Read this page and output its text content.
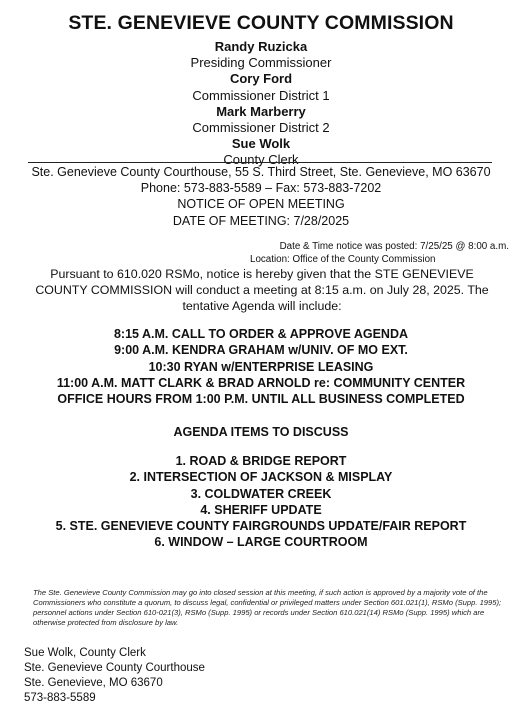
STE. GENEVIEVE COUNTY COMMISSION
Randy Ruzicka
Presiding Commissioner
Cory Ford
Commissioner District 1
Mark Marberry
Commissioner District 2
Sue Wolk
County Clerk
Ste. Genevieve County Courthouse, 55 S. Third Street, Ste. Genevieve, MO 63670
Phone: 573-883-5589 – Fax: 573-883-7202
NOTICE OF OPEN MEETING
DATE OF MEETING: 7/28/2025
Date & Time notice was posted: 7/25/25 @ 8:00 a.m.
Location: Office of the County Commission
Pursuant to 610.020 RSMo, notice is hereby given that the STE GENEVIEVE COUNTY COMMISSION will conduct a meeting at 8:15 a.m. on July 28, 2025. The tentative Agenda will include:
8:15 A.M. CALL TO ORDER & APPROVE AGENDA
9:00 A.M. KENDRA GRAHAM w/UNIV. OF MO EXT.
10:30 RYAN w/ENTERPRISE LEASING
11:00 A.M. MATT CLARK & BRAD ARNOLD re: COMMUNITY CENTER
OFFICE HOURS FROM 1:00 P.M. UNTIL ALL BUSINESS COMPLETED
AGENDA ITEMS TO DISCUSS
1. ROAD & BRIDGE REPORT
2. INTERSECTION OF JACKSON & MISPLAY
3. COLDWATER CREEK
4. SHERIFF UPDATE
5. STE. GENEVIEVE COUNTY FAIRGROUNDS UPDATE/FAIR REPORT
6. WINDOW – LARGE COURTROOM
The Ste. Genevieve County Commission may go into closed session at this meeting, if such action is approved by a majority vote of the Commissioners who constitute a quorum, to discuss legal, confidential or privileged matters under Section 601.021(1), RSMo (Supp. 1995); personnel actions under Section 610-021(3), RSMo (Supp. 1995) or records under Section 610.021(14) RSMo (Supp. 1995) which are otherwise protected from disclosure by law.
Sue Wolk, County Clerk
Ste. Genevieve County Courthouse
Ste. Genevieve, MO 63670
573-883-5589
